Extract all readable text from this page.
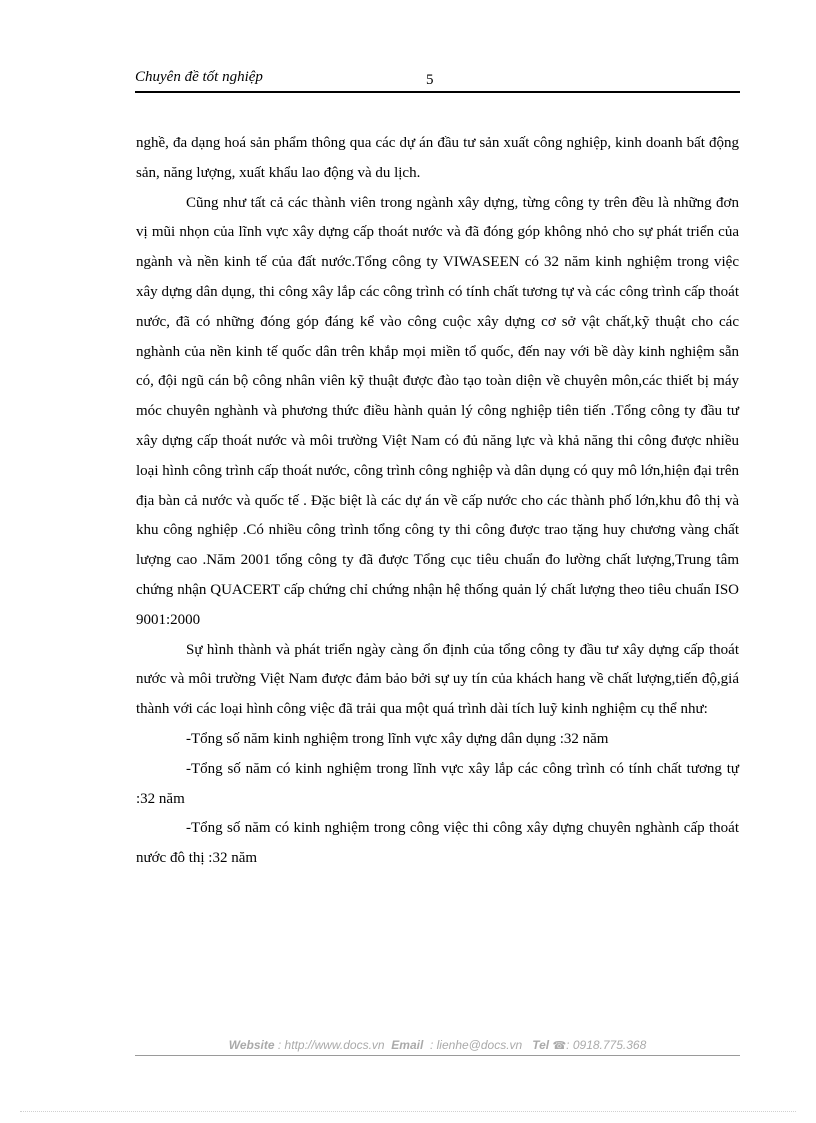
Chuyên đề tốt nghiệp	5

nghề, đa dạng hoá sản phẩm thông qua các dự án đầu tư sản xuất công nghiệp, kinh doanh bất động sản, năng lượng, xuất khẩu lao động và du lịch.

Cũng như tất cả các thành viên trong ngành xây dựng, từng công ty trên đều là những đơn vị mũi nhọn của lĩnh vực xây dựng cấp thoát nước và đã đóng góp không nhỏ cho sự phát triển của ngành và nền kinh tế của đất nước.Tổng công ty VIWASEEN có 32 năm kinh nghiệm trong việc xây dựng dân dụng, thi công xây lắp các công trình có tính chất tương tự và các công trình cấp thoát nước, đã có những đóng góp đáng kể vào công cuộc xây dựng cơ sở vật chất,kỹ thuật cho các nghành của nền kinh tế quốc dân trên khắp mọi miền tổ quốc, đến nay với bề dày kinh nghiệm sẵn có, đội ngũ cán bộ công nhân viên kỹ thuật được đào tạo toàn diện về chuyên môn,các thiết bị máy móc chuyên nghành và phương thức điều hành quản lý công nghiệp tiên tiến .Tổng công ty đầu tư xây dựng cấp thoát nước và môi trường Việt Nam có đủ năng lực và khả năng thi công được nhiều loại hình công trình cấp thoát nước, công trình công nghiệp và dân dụng có quy mô lớn,hiện đại trên địa bàn cả nước và quốc tế . Đặc biệt là các dự án về cấp nước cho các thành phố lớn,khu đô thị và khu công nghiệp .Có nhiều công trình tổng công ty thi công được trao tặng huy chương vàng chất lượng cao .Năm 2001 tổng công ty đã được Tổng cục tiêu chuẩn đo lường chất lượng,Trung tâm chứng nhận QUACERT cấp chứng chỉ chứng nhận hệ thống quản lý chất lượng theo tiêu chuẩn ISO 9001:2000

Sự hình thành và phát triển ngày càng ổn định của tổng công ty đầu tư xây dựng cấp thoát nước và môi trường Việt Nam được đảm bảo bởi sự uy tín của khách hang về chất lượng,tiến độ,giá thành với các loại hình công việc đã trải qua một quá trình dài tích luỹ kinh nghiệm cụ thể như:

-Tổng số năm kinh nghiệm trong lĩnh vực xây dựng dân dụng :32 năm

-Tổng số năm có kinh nghiệm trong lĩnh vực xây lắp các công trình có tính chất tương tự :32 năm

-Tổng số năm có kinh nghiệm trong công việc thi công xây dựng chuyên nghành cấp thoát nước đô thị :32 năm

Website : http://www.docs.vn Email : lienhe@docs.vn Tel ☎: 0918.775.368
